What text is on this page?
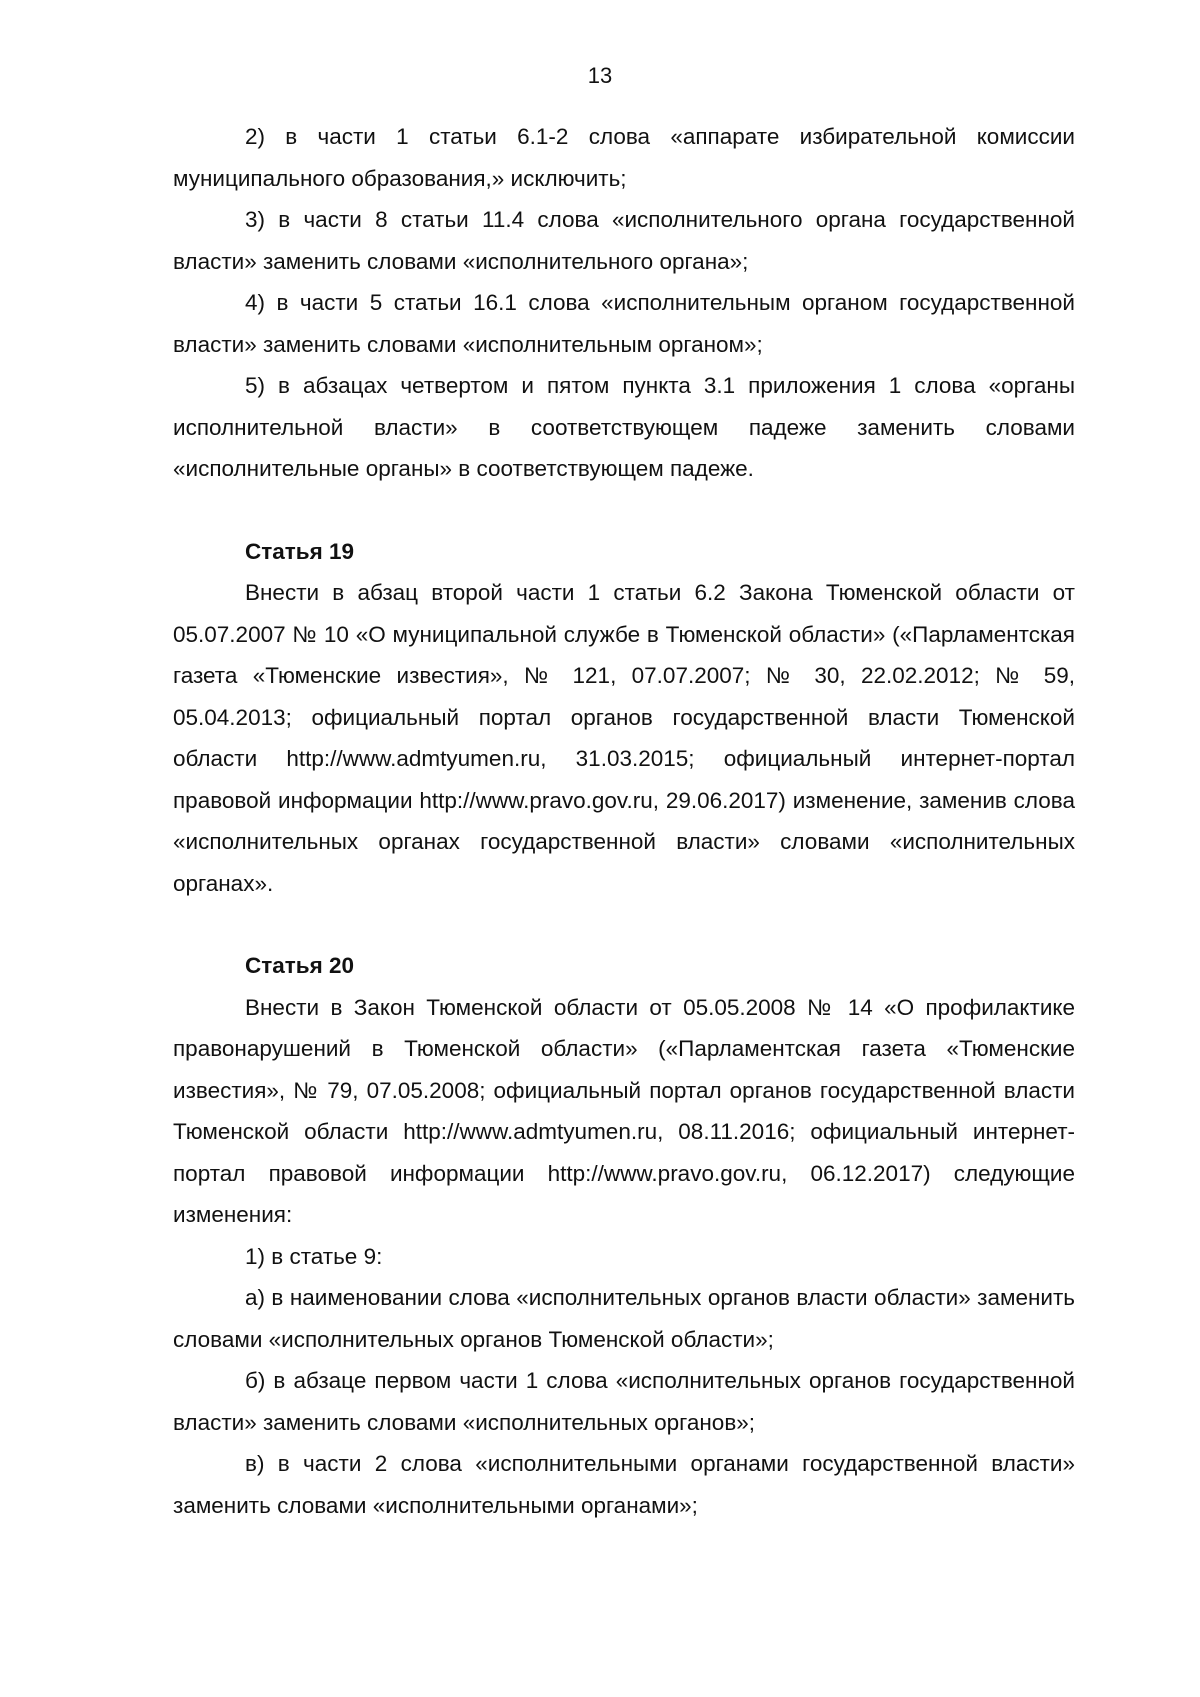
13

2) в части 1 статьи 6.1-2 слова «аппарате избирательной комиссии муниципального образования,» исключить;

3) в части 8 статьи 11.4 слова «исполнительного органа государственной власти» заменить словами «исполнительного органа»;

4) в части 5 статьи 16.1 слова «исполнительным органом государственной власти» заменить словами «исполнительным органом»;

5) в абзацах четвертом и пятом пункта 3.1 приложения 1 слова «органы исполнительной власти» в соответствующем падеже заменить словами «исполнительные органы» в соответствующем падеже.

Статья 19

Внести в абзац второй части 1 статьи 6.2 Закона Тюменской области от 05.07.2007 № 10 «О муниципальной службе в Тюменской области» («Парламентская газета «Тюменские известия», № 121, 07.07.2007; № 30, 22.02.2012; № 59, 05.04.2013; официальный портал органов государственной власти Тюменской области http://www.admtyumen.ru, 31.03.2015; официальный интернет-портал правовой информации http://www.pravo.gov.ru, 29.06.2017) изменение, заменив слова «исполнительных органах государственной власти» словами «исполнительных органах».

Статья 20

Внести в Закон Тюменской области от 05.05.2008 № 14 «О профилактике правонарушений в Тюменской области» («Парламентская газета «Тюменские известия», № 79, 07.05.2008; официальный портал органов государственной власти Тюменской области http://www.admtyumen.ru, 08.11.2016; официальный интернет-портал правовой информации http://www.pravo.gov.ru, 06.12.2017) следующие изменения:

1) в статье 9:

а) в наименовании слова «исполнительных органов власти области» заменить словами «исполнительных органов Тюменской области»;

б) в абзаце первом части 1 слова «исполнительных органов государственной власти» заменить словами «исполнительных органов»;

в) в части 2 слова «исполнительными органами государственной власти» заменить словами «исполнительными органами»;
